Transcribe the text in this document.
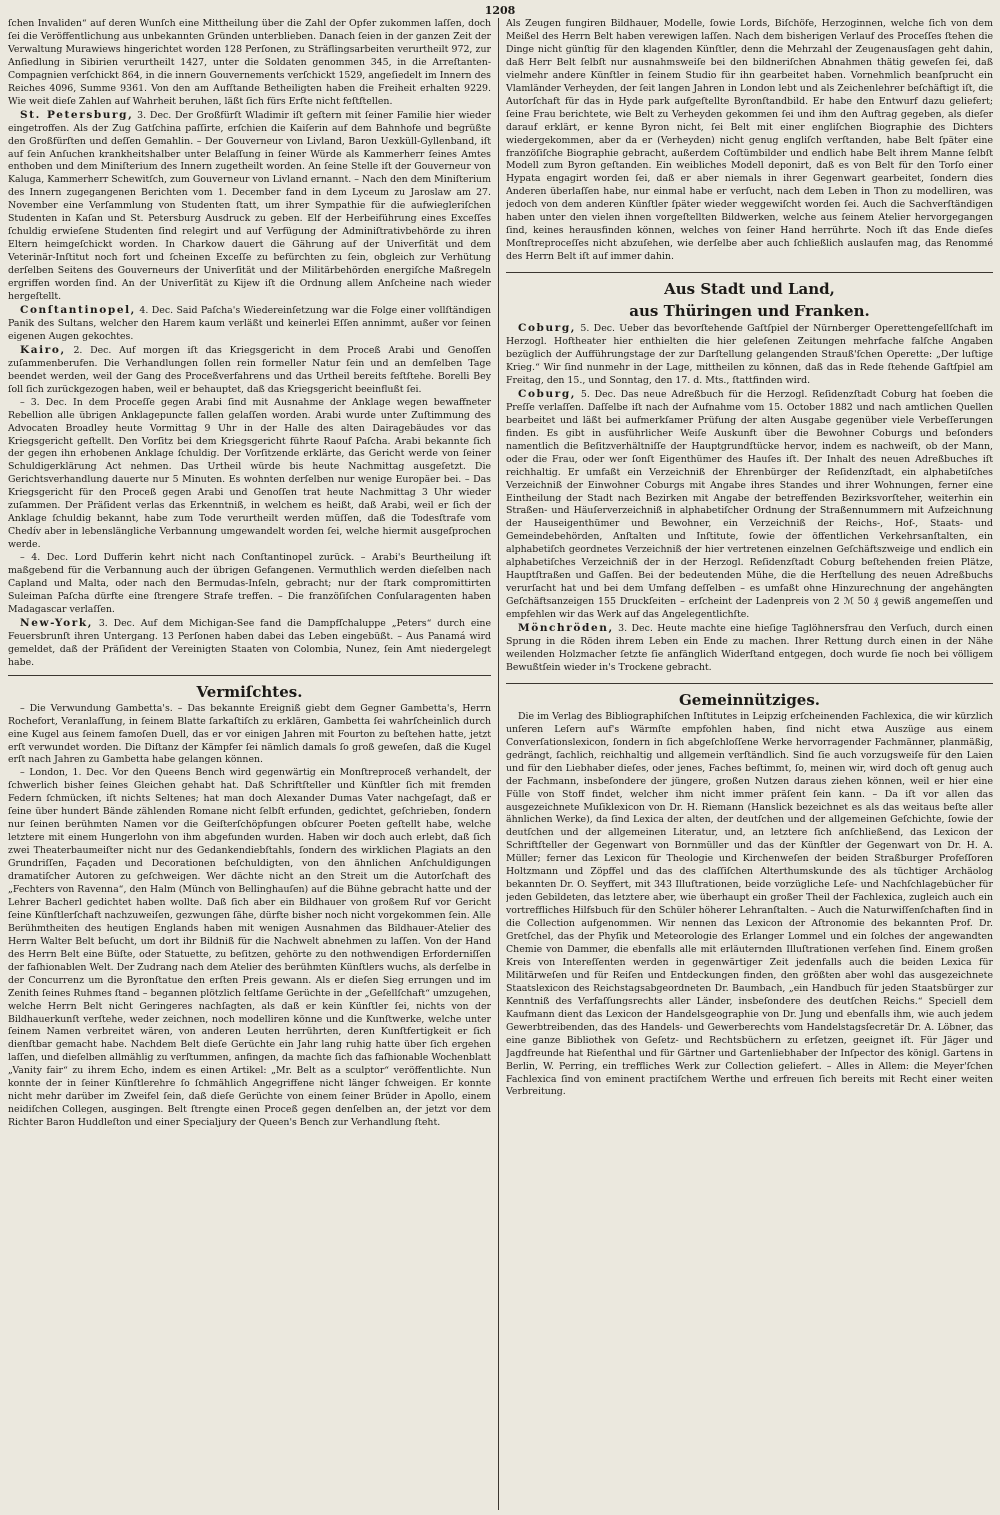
1208

ſchen Invaliden“ auf deren Wunſch eine Mittheilung über die Zahl der Opfer zukommen laſſen, doch ſei die Veröffentlichung aus unbekannten Gründen unterblieben. Danach ſeien in der ganzen Zeit der Verwaltung Murawiews hingerichtet worden 128 Perſonen, zu Sträflingsarbeiten verurtheilt 972, zur Anſiedlung in Sibirien verurtheilt 1427, unter die Soldaten genommen 345, in die Arreſtanten-Compagnien verſchickt 864, in die innern Gouvernements verſchickt 1529, angeſiedelt im Innern des Reiches 4096, Summe 9361. Von den am Aufſtande Betheiligten haben die Freiheit erhalten 9229. Wie weit dieſe Zahlen auf Wahrheit beruhen, läßt ſich fürs Erſte nicht feſtſtellen.

St. Petersburg, 3. Dec. Der Großfürſt Wladimir iſt geſtern mit ſeiner Familie hier wieder eingetroffen. Als der Zug Gatſchina paſſirte, erſchien die Kaiſerin auf dem Bahnhofe und begrüßte den Großfürſten und deſſen Gemahlin. – Der Gouverneur von Livland, Baron Uexküll-Gyllenband, iſt auf ſein Anſuchen krankheitshalber unter Belaſſung in ſeiner Würde als Kammerherr ſeines Amtes enthoben und dem Miniſterium des Innern zugetheilt worden. An ſeine Stelle iſt der Gouverneur von Kaluga, Kammerherr Schewitſch, zum Gouverneur von Livland ernannt. – Nach den dem Miniſterium des Innern zugegangenen Berichten vom 1. December fand in dem Lyceum zu Jaroslaw am 27. November eine Verſammlung von Studenten ſtatt, um ihrer Sympathie für die aufwiegleriſchen Studenten in Kaſan und St. Petersburg Ausdruck zu geben. Elf der Herbeiführung eines Exceſſes ſchuldig erwieſene Studenten ſind relegirt und auf Verfügung der Adminiſtrativbehörde zu ihren Eltern heimgeſchickt worden. In Charkow dauert die Gährung auf der Univerſität und dem Veterinär-Inſtitut noch fort und ſcheinen Exceſſe zu befürchten zu ſein, obgleich zur Verhütung derſelben Seitens des Gouverneurs der Univerſität und der Militärbehörden energiſche Maßregeln ergriffen worden ſind. An der Univerſität zu Kijew iſt die Ordnung allem Anſcheine nach wieder hergeſtellt.

Conſtantinopel, 4. Dec. Said Paſcha's Wiedereinſetzung war die Folge einer vollſtändigen Panik des Sultans, welcher den Harem kaum verläßt und keinerlei Eſſen annimmt, außer vor ſeinen eigenen Augen gekochtes.

Kairo, 2. Dec. Auf morgen iſt das Kriegsgericht in dem Proceß Arabi und Genoſſen zuſammenberufen. Die Verhandlungen ſollen rein formeller Natur ſein und an demſelben Tage beendet werden, weil der Gang des Proceßverfahrens und das Urtheil bereits feſtſtehe. Borelli Bey ſoll ſich zurückgezogen haben, weil er behauptet, daß das Kriegsgericht beeinflußt ſei.

– 3. Dec. In dem Proceſſe gegen Arabi ſind mit Ausnahme der Anklage wegen bewaffneter Rebellion alle übrigen Anklagepuncte fallen gelaſſen worden. Arabi wurde unter Zuſtimmung des Advocaten Broadley heute Vormittag 9 Uhr in der Halle des alten Dairagebäudes vor das Kriegsgericht geſtellt. Den Vorſitz bei dem Kriegsgericht führte Raouf Paſcha. Arabi bekannte ſich der gegen ihn erhobenen Anklage ſchuldig. Der Vorſitzende erklärte, das Gericht werde von ſeiner Schuldigerklärung Act nehmen. Das Urtheil würde bis heute Nachmittag ausgeſetzt. Die Gerichtsverhandlung dauerte nur 5 Minuten. Es wohnten derſelben nur wenige Europäer bei. – Das Kriegsgericht für den Proceß gegen Arabi und Genoſſen trat heute Nachmittag 3 Uhr wieder zuſammen. Der Präſident verlas das Erkenntniß, in welchem es heißt, daß Arabi, weil er ſich der Anklage ſchuldig bekannt, habe zum Tode verurtheilt werden müſſen, daß die Todesſtrafe vom Chedív aber in lebenslängliche Verbannung umgewandelt worden ſei, welche hiermit ausgeſprochen werde.

– 4. Dec. Lord Dufferin kehrt nicht nach Conſtantinopel zurück. – Arabi's Beurtheilung iſt maßgebend für die Verbannung auch der übrigen Gefangenen. Vermuthlich werden dieſelben nach Capland und Malta, oder nach den Bermudas-Inſeln, gebracht; nur der ſtark compromittirten Suleiman Paſcha dürfte eine ſtrengere Strafe treffen. – Die franzöſiſchen Conſularagenten haben Madagascar verlaſſen.

New-York, 3. Dec. Auf dem Michigan-See fand die Dampfſchaluppe „Peters“ durch eine Feuersbrunſt ihren Untergang. 13 Perſonen haben dabei das Leben eingebüßt. – Aus Panamá wird gemeldet, daß der Präſident der Vereinigten Staaten von Colombia, Nunez, ſein Amt niedergelegt habe.

Vermiſchtes.

– Die Verwundung Gambetta's. – Das bekannte Ereigniß giebt dem Gegner Gambetta's, Herrn Rochefort, Veranlaſſung, in ſeinem Blatte ſarkaſtiſch zu erklären, Gambetta ſei wahrſcheinlich durch eine Kugel aus ſeinem famoſen Duell, das er vor einigen Jahren mit Fourton zu beſtehen hatte, jetzt erſt verwundet worden. Die Diſtanz der Kämpfer ſei nämlich damals ſo groß geweſen, daß die Kugel erſt nach Jahren zu Gambetta habe gelangen können.

– London, 1. Dec. Vor den Queens Bench wird gegenwärtig ein Monſtreproceß verhandelt, der ſchwerlich bisher ſeines Gleichen gehabt hat. Daß Schriftſteller und Künſtler ſich mit fremden Federn ſchmücken, iſt nichts Seltenes; hat man doch Alexander Dumas Vater nachgeſagt, daß er ſeine über hundert Bände zählenden Romane nicht ſelbſt erfunden, gedichtet, geſchrieben, ſondern nur ſeinen berühmten Namen vor die Geiſterſchöpfungen obſcurer Poeten geſtellt habe, welche letztere mit einem Hungerlohn von ihm abgefunden wurden. Haben wir doch auch erlebt, daß ſich zwei Theaterbaumeiſter nicht nur des Gedankendiebſtahls, ſondern des wirklichen Plagiats an den Grundriſſen, Façaden und Decorationen beſchuldigten, von den ähnlichen Anſchuldigungen dramatiſcher Autoren zu geſchweigen. Wer dächte nicht an den Streit um die Autorſchaft des „Fechters von Ravenna“, den Halm (Münch von Bellinghauſen) auf die Bühne gebracht hatte und der Lehrer Bacherl gedichtet haben wollte. Daß ſich aber ein Bildhauer von großem Ruf vor Gericht ſeine Künſtlerſchaft nachzuweiſen, gezwungen ſähe, dürfte bisher noch nicht vorgekommen ſein. Alle Berühmtheiten des heutigen Englands haben mit wenigen Ausnahmen das Bildhauer-Atelier des Herrn Walter Belt beſucht, um dort ihr Bildniß für die Nachwelt abnehmen zu laſſen. Von der Hand des Herrn Belt eine Büſte, oder Statuette, zu beſitzen, gehörte zu den nothwendigen Erforderniſſen der faſhionablen Welt. Der Zudrang nach dem Atelier des berühmten Künſtlers wuchs, als derſelbe in der Concurrenz um die Byronſtatue den erſten Preis gewann. Als er dieſen Sieg errungen und im Zenith ſeines Ruhmes ſtand – begannen plötzlich ſeltſame Gerüchte in der „Geſellſchaft“ umzugehen, welche Herrn Belt nicht Geringeres nachſagten, als daß er kein Künſtler ſei, nichts von der Bildhauerkunſt verſtehe, weder zeichnen, noch modelliren könne und die Kunſtwerke, welche unter ſeinem Namen verbreitet wären, von anderen Leuten herrührten, deren Kunſtfertigkeit er ſich dienſtbar gemacht habe. Nachdem Belt dieſe Gerüchte ein Jahr lang ruhig hatte über ſich ergehen laſſen, und dieſelben allmählig zu verſtummen, anfingen, da machte ſich das faſhionable Wochenblatt „Vanity fair“ zu ihrem Echo, indem es einen Artikel: „Mr. Belt as a sculptor“ veröffentlichte. Nun konnte der in ſeiner Künſtlerehre ſo ſchmählich Angegriffene nicht länger ſchweigen. Er konnte nicht mehr darüber im Zweifel ſein, daß dieſe Gerüchte von einem ſeiner Brüder in Apollo, einem neidiſchen Collegen, ausgingen. Belt ſtrengte einen Proceß gegen denſelben an, der jetzt vor dem Richter Baron Huddleſton und einer Specialjury der Queen's Bench zur Verhandlung ſteht.

Als Zeugen fungiren Bildhauer, Modelle, ſowie Lords, Biſchöfe, Herzoginnen, welche ſich von dem Meißel des Herrn Belt haben verewigen laſſen. Nach dem bisherigen Verlauf des Proceſſes ſtehen die Dinge nicht günſtig für den klagenden Künſtler, denn die Mehrzahl der Zeugenausſagen geht dahin, daß Herr Belt ſelbſt nur ausnahmsweiſe bei den bildneriſchen Abnahmen thätig geweſen ſei, daß vielmehr andere Künſtler in ſeinem Studio für ihn gearbeitet haben. Vornehmlich beanſprucht ein Vlamländer Verheyden, der ſeit langen Jahren in London lebt und als Zeichenlehrer beſchäftigt iſt, die Autorſchaft für das in Hyde park aufgeſtellte Byronſtandbild. Er habe den Entwurf dazu geliefert; ſeine Frau berichtete, wie Belt zu Verheyden gekommen ſei und ihm den Auftrag gegeben, als dieſer darauf erklärt, er kenne Byron nicht, ſei Belt mit einer engliſchen Biographie des Dichters wiedergekommen, aber da er (Verheyden) nicht genug engliſch verſtanden, habe Belt ſpäter eine franzöſiſche Biographie gebracht, außerdem Coſtümbilder und endlich habe Belt ihrem Manne ſelbſt Modell zum Byron geſtanden. Ein weibliches Modell deponirt, daß es von Belt für den Torſo einer Hypata engagirt worden ſei, daß er aber niemals in ihrer Gegenwart gearbeitet, ſondern dies Anderen überlaſſen habe, nur einmal habe er verſucht, nach dem Leben in Thon zu modelliren, was jedoch von dem anderen Künſtler ſpäter wieder weggewiſcht worden ſei. Auch die Sachverſtändigen haben unter den vielen ihnen vorgeſtellten Bildwerken, welche aus ſeinem Atelier hervorgegangen ſind, keines herausfinden können, welches von ſeiner Hand herrührte. Noch iſt das Ende dieſes Monſtreproceſſes nicht abzuſehen, wie derſelbe aber auch ſchließlich auslaufen mag, das Renommé des Herrn Belt iſt auf immer dahin.

Aus Stadt und Land,

aus Thüringen und Franken.

Coburg, 5. Dec. Ueber das bevorſtehende Gaſtſpiel der Nürnberger Operettengeſellſchaft im Herzogl. Hoftheater hier enthielten die hier geleſenen Zeitungen mehrfache falſche Angaben bezüglich der Aufführungstage der zur Darſtellung gelangenden Strauß'ſchen Operette: „Der luſtige Krieg.“ Wir ſind nunmehr in der Lage, mittheilen zu können, daß das in Rede ſtehende Gaſtſpiel am Freitag, den 15., und Sonntag, den 17. d. Mts., ſtattfinden wird.

Coburg, 5. Dec. Das neue Adreßbuch für die Herzogl. Reſidenzſtadt Coburg hat ſoeben die Preſſe verlaſſen. Daſſelbe iſt nach der Aufnahme vom 15. October 1882 und nach amtlichen Quellen bearbeitet und läßt bei aufmerkſamer Prüfung der alten Ausgabe gegenüber viele Verbeſſerungen finden. Es gibt in ausführlicher Weiſe Auskunft über die Bewohner Coburgs und beſonders namentlich die Beſitzverhältniſſe der Hauptgrundſtücke hervor, indem es nachweiſt, ob der Mann, oder die Frau, oder wer ſonſt Eigenthümer des Hauſes iſt. Der Inhalt des neuen Adreßbuches iſt reichhaltig. Er umfaßt ein Verzeichniß der Ehrenbürger der Reſidenzſtadt, ein alphabetiſches Verzeichniß der Einwohner Coburgs mit Angabe ihres Standes und ihrer Wohnungen, ferner eine Eintheilung der Stadt nach Bezirken mit Angabe der betreffenden Bezirksvorſteher, weiterhin ein Straßen- und Häuſerverzeichniß in alphabetiſcher Ordnung der Straßennummern mit Aufzeichnung der Hauseigenthümer und Bewohner, ein Verzeichniß der Reichs-, Hof-, Staats- und Gemeindebehörden, Anſtalten und Inſtitute, ſowie der öffentlichen Verkehrsanſtalten, ein alphabetiſch geordnetes Verzeichniß der hier vertretenen einzelnen Geſchäftszweige und endlich ein alphabetiſches Verzeichniß der in der Herzogl. Reſidenzſtadt Coburg beſtehenden freien Plätze, Hauptſtraßen und Gaſſen. Bei der bedeutenden Mühe, die die Herſtellung des neuen Adreßbuchs verurſacht hat und bei dem Umfang deſſelben – es umfaßt ohne Hinzurechnung der angehängten Geſchäftsanzeigen 155 Druckſeiten – erſcheint der Ladenpreis von 2 ℳ 50 ₰ gewiß angemeſſen und empfehlen wir das Werk auf das Angelegentlichſte.

Mönchröden, 3. Dec. Heute machte eine hieſige Taglöhnersfrau den Verſuch, durch einen Sprung in die Röden ihrem Leben ein Ende zu machen. Ihrer Rettung durch einen in der Nähe weilenden Holzmacher ſetzte ſie anfänglich Widerſtand entgegen, doch wurde ſie noch bei völligem Bewußtſein wieder in's Trockene gebracht.

Gemeinnütziges.

Die im Verlag des Bibliographiſchen Inſtitutes in Leipzig erſcheinenden Fachlexica, die wir kürzlich unſeren Leſern auf's Wärmſte empfohlen haben, ſind nicht etwa Auszüge aus einem Converſationslexicon, ſondern in ſich abgeſchloſſene Werke hervorragender Fachmänner, planmäßig, gedrängt, ſachlich, reichhaltig und allgemein verſtändlich. Sind ſie auch vorzugsweiſe für den Laien und für den Liebhaber dieſes, oder jenes, Faches beſtimmt, ſo, meinen wir, wird doch oft genug auch der Fachmann, insbeſondere der jüngere, großen Nutzen daraus ziehen können, weil er hier eine Fülle von Stoff findet, welcher ihm nicht immer präſent ſein kann. – Da iſt vor allen das ausgezeichnete Muſiklexicon von Dr. H. Riemann (Hanslick bezeichnet es als das weitaus beſte aller ähnlichen Werke), da ſind Lexica der alten, der deutſchen und der allgemeinen Geſchichte, ſowie der deutſchen und der allgemeinen Literatur, und, an letztere ſich anſchließend, das Lexicon der Schriftſteller der Gegenwart von Bornmüller und das der Künſtler der Gegenwart von Dr. H. A. Müller; ferner das Lexicon für Theologie und Kirchenweſen der beiden Straßburger Profeſſoren Holtzmann und Zöpffel und das des claſſiſchen Alterthumskunde des als tüchtiger Archäolog bekannten Dr. O. Seyffert, mit 343 Illuſtrationen, beide vorzügliche Leſe- und Nachſchlagebücher für jeden Gebildeten, das letztere aber, wie überhaupt ein großer Theil der Fachlexica, zugleich auch ein vortreffliches Hilfsbuch für den Schüler höherer Lehranſtalten. – Auch die Naturwiſſenſchaften ſind in die Collection aufgenommen. Wir nennen das Lexicon der Aſtronomie des bekannten Prof. Dr. Gretſchel, das der Phyſik und Meteorologie des Erlanger Lommel und ein ſolches der angewandten Chemie von Dammer, die ebenfalls alle mit erläuternden Illuſtrationen verſehen ſind. Einem großen Kreis von Intereſſenten werden in gegenwärtiger Zeit jedenfalls auch die beiden Lexica für Militärweſen und für Reiſen und Entdeckungen finden, den größten aber wohl das ausgezeichnete Staatslexicon des Reichstagsabgeordneten Dr. Baumbach, „ein Handbuch für jeden Staatsbürger zur Kenntniß des Verfaſſungsrechts aller Länder, insbeſondere des deutſchen Reichs.“ Speciell dem Kaufmann dient das Lexicon der Handelsgeographie von Dr. Jung und ebenfalls ihm, wie auch jedem Gewerbtreibenden, das des Handels- und Gewerberechts vom Handelstagsſecretär Dr. A. Löbner, das eine ganze Bibliothek von Geſetz- und Rechtsbüchern zu erſetzen, geeignet iſt. Für Jäger und Jagdfreunde hat Rieſenthal und für Gärtner und Gartenliebhaber der Inſpector des königl. Gartens in Berlin, W. Perring, ein treffliches Werk zur Collection geliefert. – Alles in Allem: die Meyer'ſchen Fachlexica ſind von eminent practiſchem Werthe und erfreuen ſich bereits mit Recht einer weiten Verbreitung.
